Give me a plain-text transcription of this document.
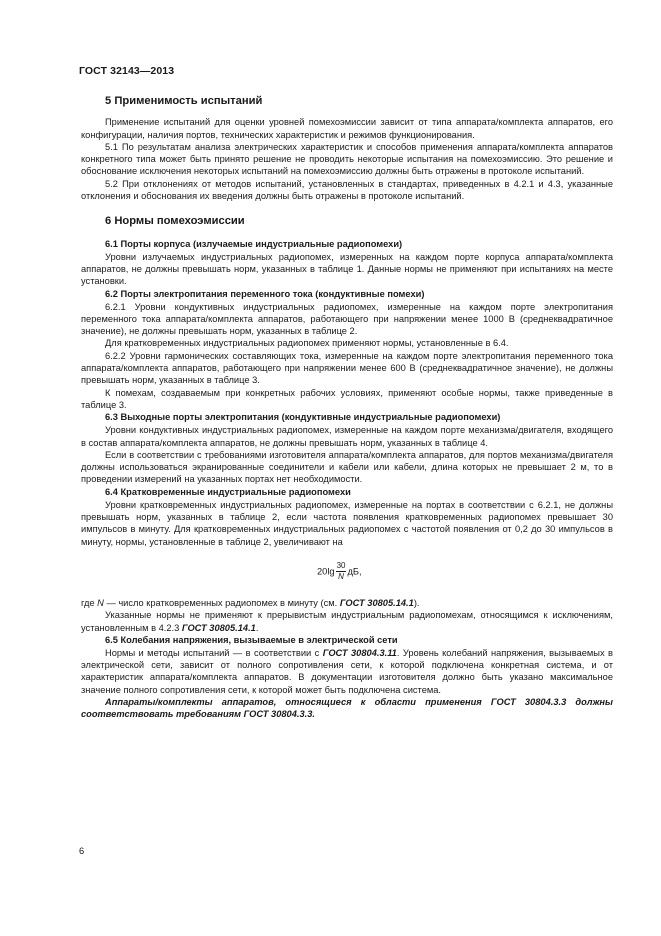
ГОСТ 32143—2013
5 Применимость испытаний

Применение испытаний для оценки уровней помехоэмиссии зависит от типа аппарата/комплекта аппаратов, его конфигурации, наличия портов, технических характеристик и режимов функционирования.

5.1 По результатам анализа электрических характеристик и способов применения аппарата/комплекта аппаратов конкретного типа может быть принято решение не проводить некоторые испытания на помехоэмиссию. Это решение и обоснование исключения некоторых испытаний на помехоэмиссию должны быть отражены в протоколе испытаний.

5.2 При отклонениях от методов испытаний, установленных в стандартах, приведенных в 4.2.1 и 4.3, указанные отклонения и обоснования их введения должны быть отражены в протоколе испытаний.

6 Нормы помехоэмиссии
6.1 Порты корпуса (излучаемые индустриальные радиопомехи)

Уровни излучаемых индустриальных радиопомех, измеренных на каждом порте корпуса аппарата/комплекта аппаратов, не должны превышать норм, указанных в таблице 1. Данные нормы не применяют при испытаниях на месте установки.

6.2 Порты электропитания переменного тока (кондуктивные помехи)

6.2.1 Уровни кондуктивных индустриальных радиопомех, измеренные на каждом порте электропитания переменного тока аппарата/комплекта аппаратов, работающего при напряжении менее 1000 В (среднеквадратичное значение), не должны превышать норм, указанных в таблице 2.

Для кратковременных индустриальных радиопомех применяют нормы, установленные в 6.4.

6.2.2 Уровни гармонических составляющих тока, измеренные на каждом порте электропитания переменного тока аппарата/комплекта аппаратов, работающего при напряжении менее 600 В (среднеквадратичное значение), не должны превышать норм, указанных в таблице 3.

К помехам, создаваемым при конкретных рабочих условиях, применяют особые нормы, также приведенные в таблице 3.

6.3 Выходные порты электропитания (кондуктивные индустриальные радиопомехи)

Уровни кондуктивных индустриальных радиопомех, измеренные на каждом порте механизма/двигателя, входящего в состав аппарата/комплекта аппаратов, не должны превышать норм, указанных в таблице 4.

Если в соответствии с требованиями изготовителя аппарата/комплекта аппаратов, для портов механизма/двигателя должны использоваться экранированные соединители и кабели или кабели, длина которых не превышает 2 м, то в проведении измерений на указанных портах нет необходимости.

6.4 Кратковременные индустриальные радиопомехи

Уровни кратковременных индустриальных радиопомех, измеренные на портах в соответствии с 6.2.1, не должны превышать норм, указанных в таблице 2, если частота появления кратковременных радиопомех превышает 30 импульсов в минуту. Для кратковременных индустриальных радиопомех с частотой появления от 0,2 до 30 импульсов в минуту, нормы, установленные в таблице 2, увеличивают на

$20\lg \frac{30}{N}$ дБ,

где N — число кратковременных радиопомех в минуту (см. ГОСТ 30805.14.1).

Указанные нормы не применяют к прерывистым индустриальным радиопомехам, относящимся к исключениям, установленным в 4.2.3 ГОСТ 30805.14.1.

6.5 Колебания напряжения, вызываемые в электрической сети

Нормы и методы испытаний — в соответствии с ГОСТ 30804.3.11. Уровень колебаний напряжения, вызываемых в электрической сети, зависит от полного сопротивления сети, к которой подключена конкретная система, и от характеристик аппарата/комплекта аппаратов. В документации изготовителя должно быть указано максимальное значение полного сопротивления сети, к которой может быть подключена система.

Аппараты/комплекты аппаратов, относящиеся к области применения ГОСТ 30804.3.3 должны соответствовать требованиям ГОСТ 30804.3.3.

6
